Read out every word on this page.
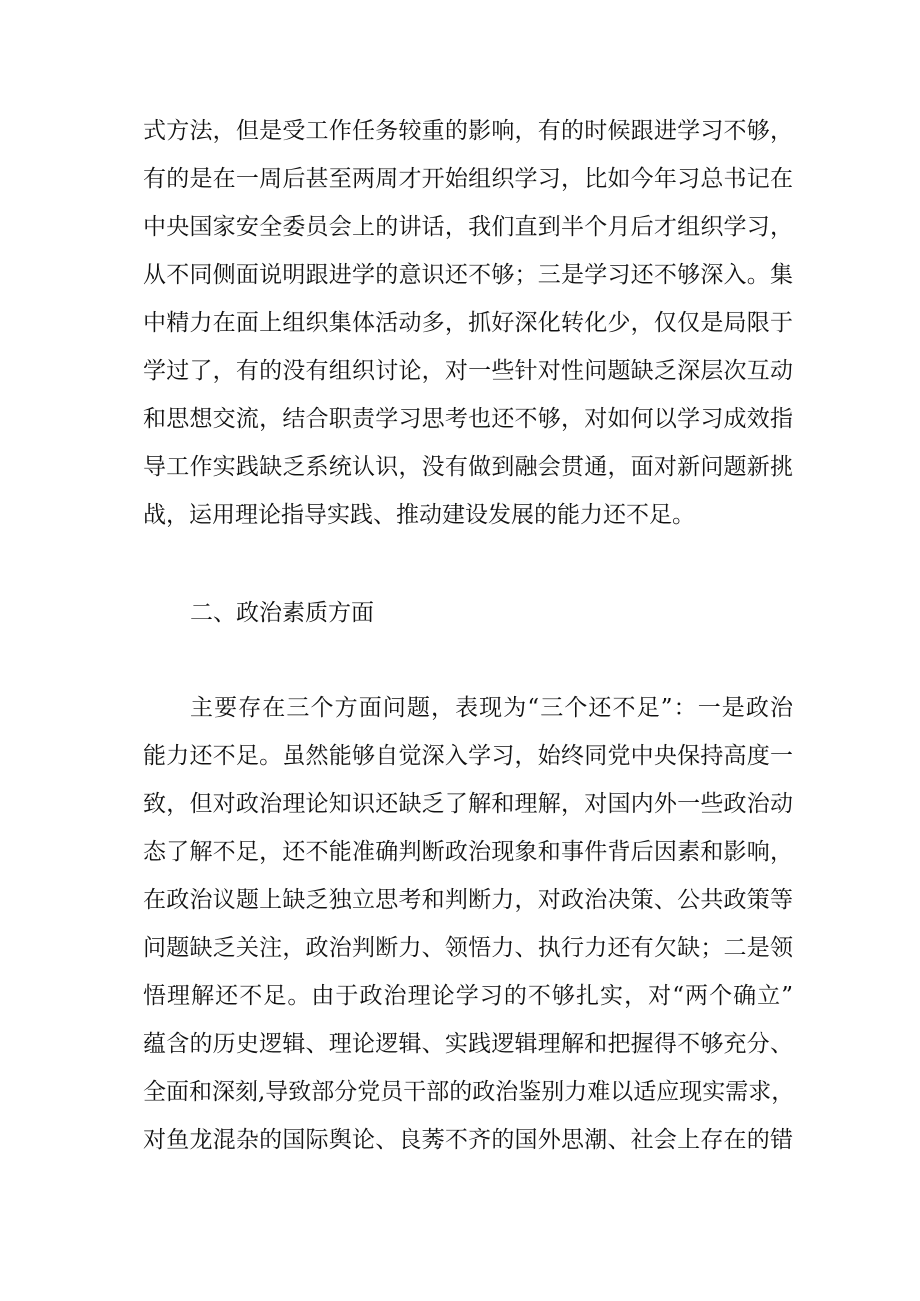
式方法，但是受工作任务较重的影响，有的时候跟进学习不够，

有的是在一周后甚至两周才开始组织学习，比如今年习总书记在

中央国家安全委员会上的讲话，我们直到半个月后才组织学习，

从不同侧面说明跟进学的意识还不够；三是学习还不够深入。集

中精力在面上组织集体活动多，抓好深化转化少，仅仅是局限于

学过了，有的没有组织讨论，对一些针对性问题缺乏深层次互动

和思想交流，结合职责学习思考也还不够，对如何以学习成效指

导工作实践缺乏系统认识，没有做到融会贯通，面对新问题新挑

战，运用理论指导实践、推动建设发展的能力还不足。

二、政治素质方面

主要存在三个方面问题，表现为“三个还不足”：一是政治

能力还不足。虽然能够自觉深入学习，始终同党中央保持高度一

致，但对政治理论知识还缺乏了解和理解，对国内外一些政治动

态了解不足，还不能准确判断政治现象和事件背后因素和影响，

在政治议题上缺乏独立思考和判断力，对政治决策、公共政策等

问题缺乏关注，政治判断力、领悟力、执行力还有欠缺；二是领

悟理解还不足。由于政治理论学习的不够扎实，对“两个确立”

蕴含的历史逻辑、理论逻辑、实践逻辑理解和把握得不够充分、

全面和深刻,导致部分党员干部的政治鉴别力难以适应现实需求，

对鱼龙混杂的国际舆论、良莠不齐的国外思潮、社会上存在的错
